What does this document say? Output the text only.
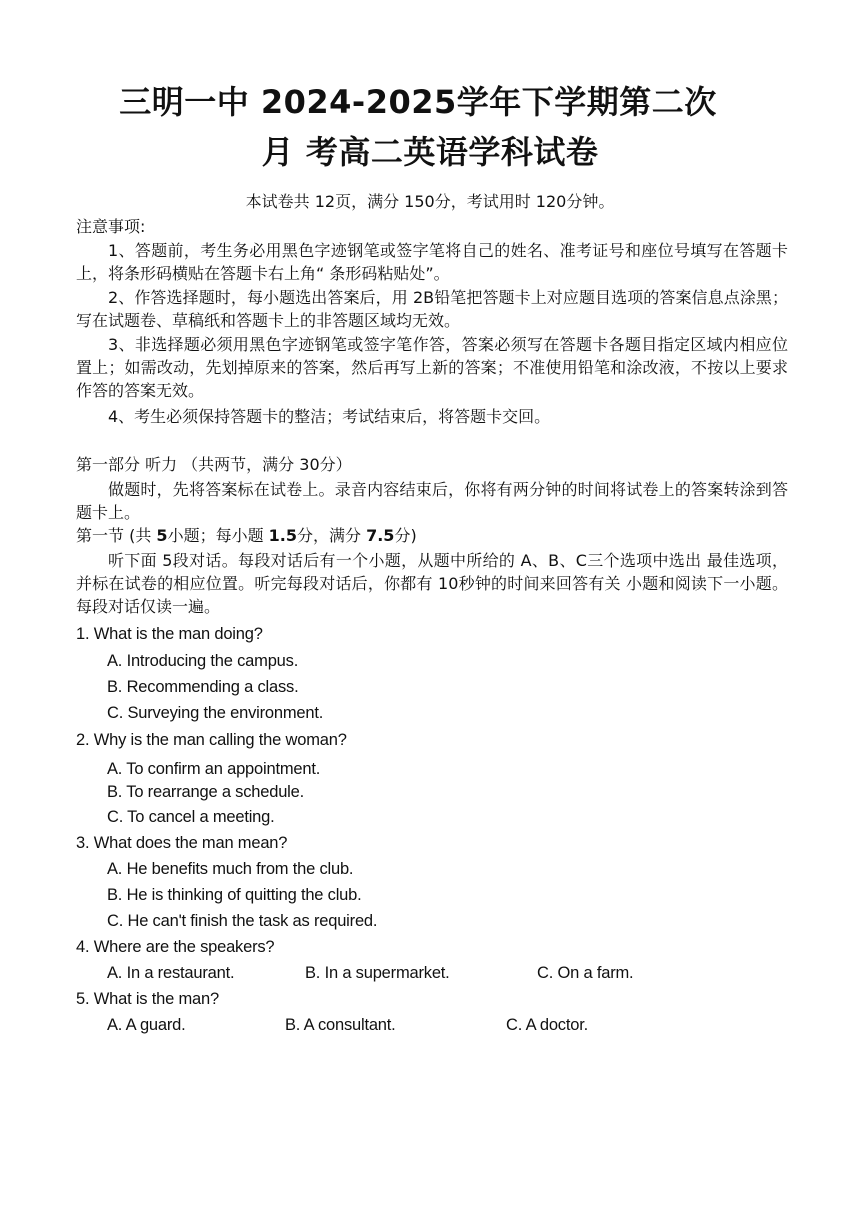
三明一中 2024-2025学年下学期第二次
月 考高二英语学科试卷
本试卷共 12页，满分 150分，考试用时 120分钟。
注意事项:
1、答题前，考生务必用黑色字迹钢笔或签字笔将自己的姓名、准考证号和座位号填写在答题卡上，将条形码横贴在答题卡右上角“ 条形码粘贴处”。
2、作答选择题时，每小题选出答案后，用 2B铅笔把答题卡上对应题目选项的答案信息点涂黑；写在试题卷、草稿纸和答题卡上的非答题区域均无效。
3、非选择题必须用黑色字迹钢笔或签字笔作答，答案必须写在答题卡各题目指定区域内相应位置上；如需改动，先划掉原来的答案，然后再写上新的答案；不准使用铅笔和涂改液，不按以上要求作答的答案无效。
4、考生必须保持答题卡的整洁；考试结束后，将答题卡交回。
第一部分 听力 （共两节，满分 30分）
做题时，先将答案标在试卷上。录音内容结束后，你将有两分钟的时间将试卷上的答案转涂到答题卡上。
第一节 (共 5小题；每小题 1.5分，满分 7.5分)
听下面 5段对话。每段对话后有一个小题，从题中所给的 A、B、C三个选项中选出 最佳选项，并标在试卷的相应位置。听完每段对话后，你都有 10秒钟的时间来回答有关 小题和阅读下一小题。每段对话仅读一遍。
1. What is the man doing?
A. Introducing the campus.
B. Recommending a class.
C. Surveying the environment.
2. Why is the man calling the woman?
A. To confirm an appointment.
B. To rearrange a schedule.
C. To cancel a meeting.
3. What does the man mean?
A. He benefits much from the club.
B. He is thinking of quitting the club.
C. He can't finish the task as required.
4. Where are the speakers?
A. In a restaurant.	B. In a supermarket.	C. On a farm.
5. What is the man?
A. A guard.	B. A consultant.	C. A doctor.
